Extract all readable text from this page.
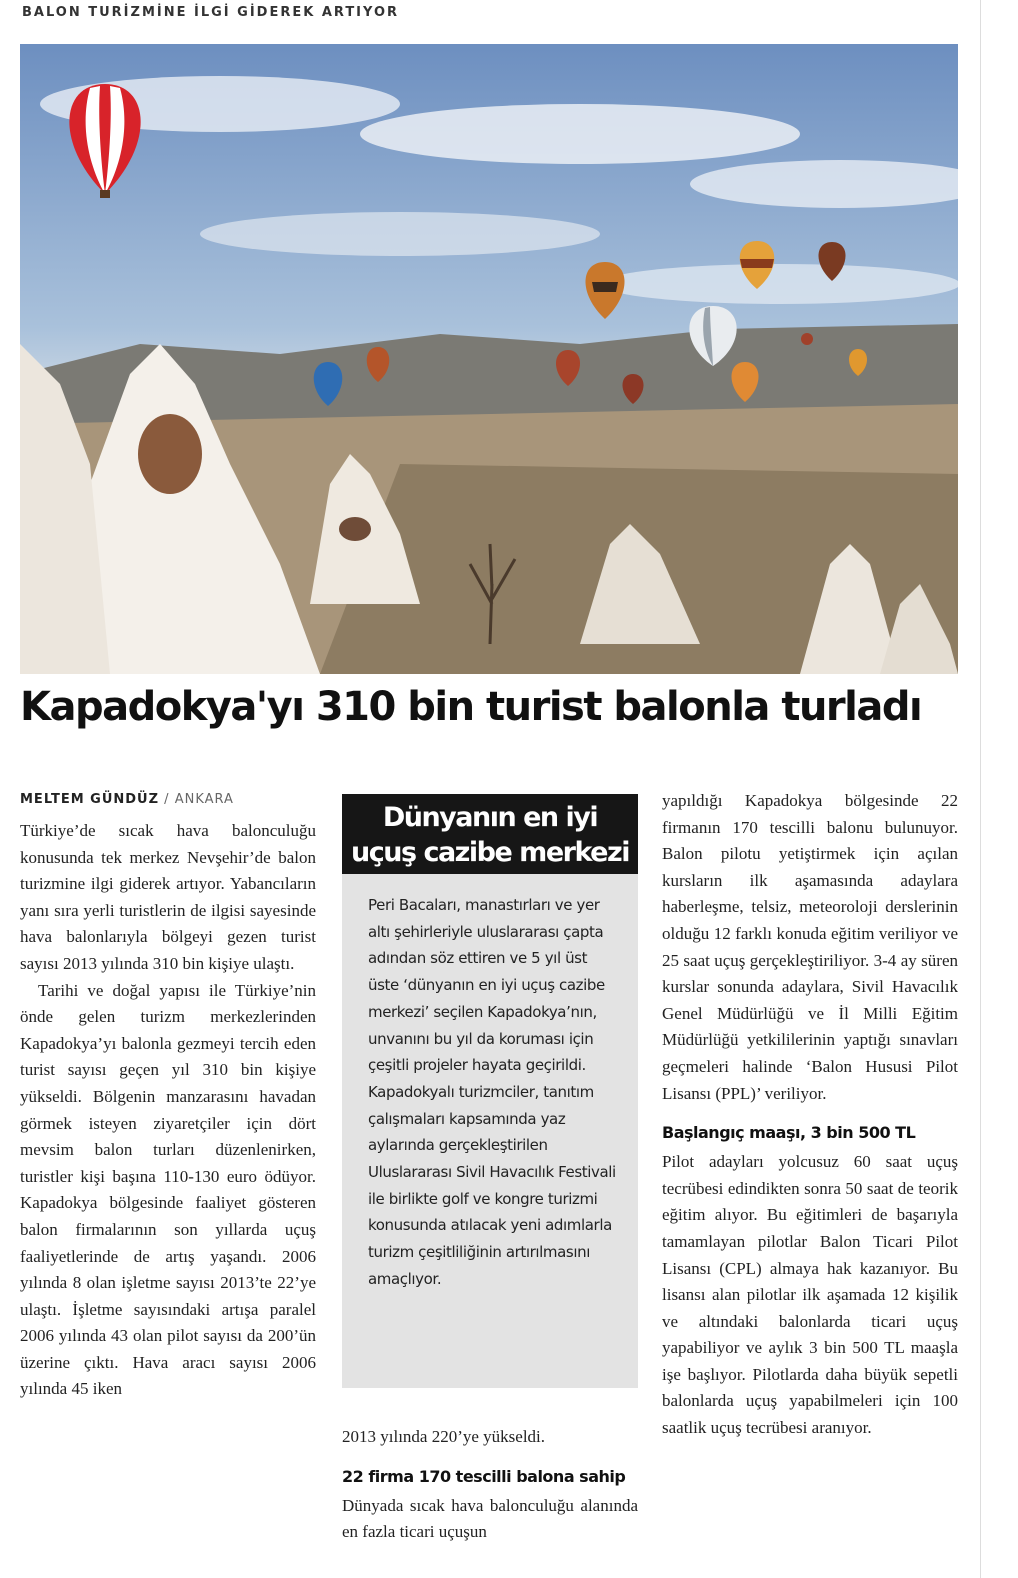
BALON TURİZMİNE İLGİ GİDEREK ARTIYOR
Kapadokya'yı 310 bin turist balonla turladı
MELTEM GÜNDÜZ / ANKARA

Türkiye’de sıcak hava balonculuğu konusunda tek merkez Nevşehir’de balon turizmine ilgi giderek artıyor. Yabancıların yanı sıra yerli turistlerin de ilgisi sayesinde hava balonlarıyla bölgeyi gezen turist sayısı 2013 yılında 310 bin kişiye ulaştı.

Tarihi ve doğal yapısı ile Türkiye’nin önde gelen turizm merkezlerinden Kapadokya’yı balonla gezmeyi tercih eden turist sayısı geçen yıl 310 bin kişiye yükseldi. Bölgenin manzarasını havadan görmek isteyen ziyaretçiler için dört mevsim balon turları düzenlenirken, turistler kişi başına 110-130 euro ödüyor. Kapadokya bölgesinde faaliyet gösteren balon firmalarının son yıllarda uçuş faaliyetlerinde de artış yaşandı. 2006 yılında 8 olan işletme sayısı 2013’te 22’ye ulaştı. İşletme sayısındaki artışa paralel 2006 yılında 43 olan pilot sayısı da 200’ün üzerine çıktı. Hava aracı sayısı 2006 yılında 45 iken

Dünyanın en iyi
uçuş cazibe merkezi
Peri Bacaları, manastırları ve yer altı şehirleriyle uluslararası çapta adından söz ettiren ve 5 yıl üst üste ‘dünyanın en iyi uçuş cazibe merkezi’ seçilen Kapadokya’nın, unvanını bu yıl da koruması için çeşitli projeler hayata geçirildi. Kapadokyalı turizmciler, tanıtım çalışmaları kapsamında yaz aylarında gerçekleştirilen Uluslararası Sivil Havacılık Festivali ile birlikte golf ve kongre turizmi konusunda atılacak yeni adımlarla turizm çeşitliliğinin artırılmasını amaçlıyor.

2013 yılında 220’ye yükseldi.

22 firma 170 tescilli balona sahip

Dünyada sıcak hava balonculuğu alanında en fazla ticari uçuşun

yapıldığı Kapadokya bölgesinde 22 firmanın 170 tescilli balonu bulunuyor. Balon pilotu yetiştirmek için açılan kursların ilk aşamasında adaylara haberleşme, telsiz, meteoroloji derslerinin olduğu 12 farklı konuda eğitim veriliyor ve 25 saat uçuş gerçekleştiriliyor. 3-4 ay süren kurslar sonunda adaylara, Sivil Havacılık Genel Müdürlüğü ve İl Milli Eğitim Müdürlüğü yetkililerinin yaptığı sınavları geçmeleri halinde ‘Balon Hususi Pilot Lisansı (PPL)’ veriliyor.

Başlangıç maaşı, 3 bin 500 TL

Pilot adayları yolcusuz 60 saat uçuş tecrübesi edindikten sonra 50 saat de teorik eğitim alıyor. Bu eğitimleri de başarıyla tamamlayan pilotlar Balon Ticari Pilot Lisansı (CPL) almaya hak kazanıyor. Bu lisansı alan pilotlar ilk aşamada 12 kişilik ve altındaki balonlarda ticari uçuş yapabiliyor ve aylık 3 bin 500 TL maaşla işe başlıyor. Pilotlarda daha büyük sepetli balonlarda uçuş yapabilmeleri için 100 saatlik uçuş tecrübesi aranıyor.
